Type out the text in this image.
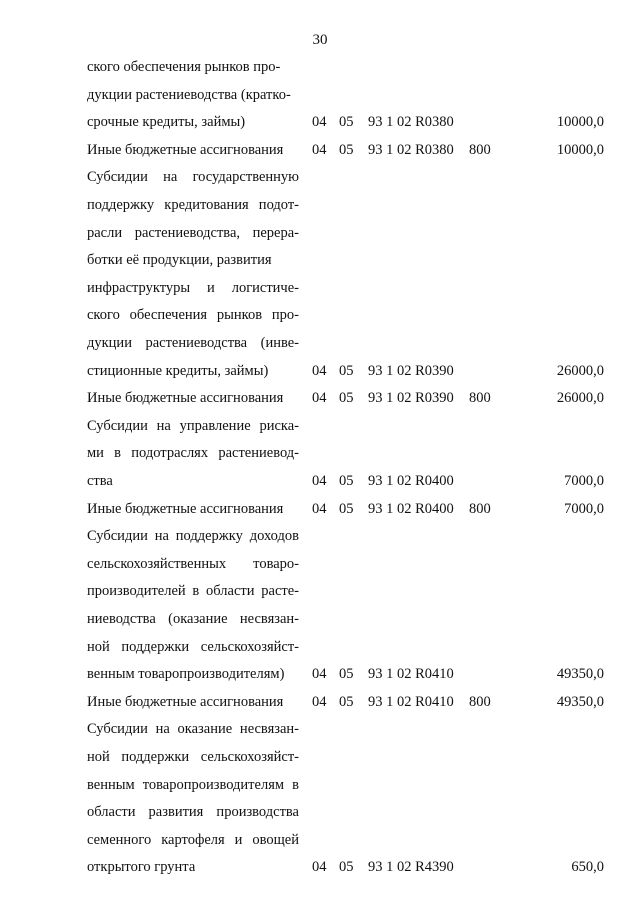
30
ского обеспечения рынков про-
дукции растениеводства (кратко-
срочные кредиты, займы)	04 05 93 1 02 R0380	10000,0
Иные бюджетные ассигнования	04 05 93 1 02 R0380 800	10000,0
Субсидии на государственную
поддержку кредитования подот-
расли растениеводства, перера-
ботки её продукции, развития
инфраструктуры и логистиче-
ского обеспечения рынков про-
дукции растениеводства (инве-
стиционные кредиты, займы)	04 05 93 1 02 R0390	26000,0
Иные бюджетные ассигнования	04 05 93 1 02 R0390 800	26000,0
Субсидии на управление риска-
ми в подотраслях растениевод-
ства	04 05 93 1 02 R0400	7000,0
Иные бюджетные ассигнования	04 05 93 1 02 R0400 800	7000,0
Субсидии на поддержку доходов
сельскохозяйственных товаро-
производителей в области расте-
ниеводства (оказание несвязан-
ной поддержки сельскохозяйст-
венным товаропроизводителям)	04 05 93 1 02 R0410	49350,0
Иные бюджетные ассигнования	04 05 93 1 02 R0410 800	49350,0
Субсидии на оказание несвязан-
ной поддержки сельскохозяйст-
венным товаропроизводителям в
области развития производства
семенного картофеля и овощей
открытого грунта	04 05 93 1 02 R4390	650,0
